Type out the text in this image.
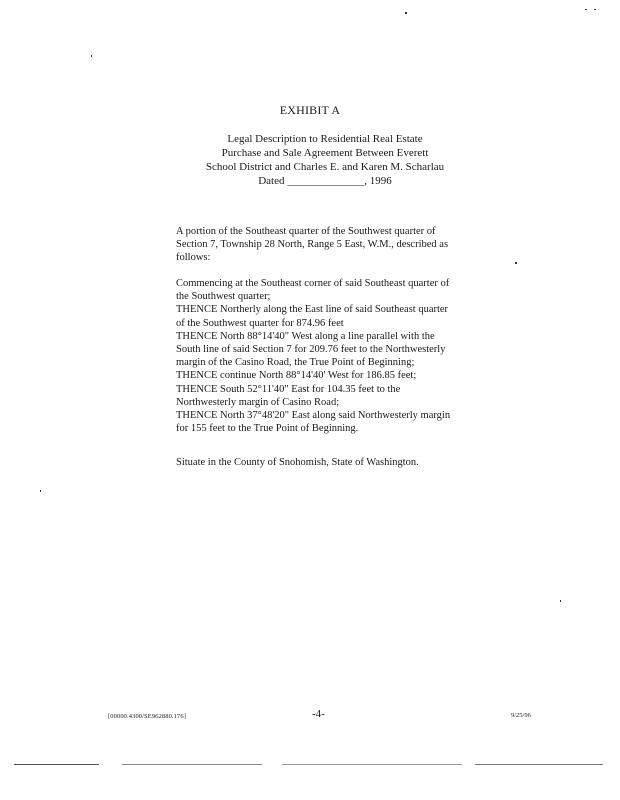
EXHIBIT A
Legal Description to Residential Real Estate
Purchase and Sale Agreement Between Everett
School District and Charles E. and Karen M. Scharlau
Dated ______________, 1996
A portion of the Southeast quarter of the Southwest quarter of
Section 7, Township 28 North, Range 5 East, W.M., described as
follows:
Commencing at the Southeast corner of said Southeast quarter of
the Southwest quarter;
THENCE Northerly along the East line of said Southeast quarter
of the Southwest quarter for 874.96 feet
THENCE North 88°14'40" West along a line parallel with the
South line of said Section 7 for 209.76 feet to the Northwesterly
margin of the Casino Road, the True Point of Beginning;
THENCE continue North 88°14'40' West for 186.85 feet;
THENCE South 52°11'40" East for 104.35 feet to the
Northwesterly margin of Casino Road;
THENCE North 37°48'20" East along said Northwesterly margin
for 155 feet to the True Point of Beginning.
Situate in the County of Snohomish, State of Washington.
[00000.4300/SE962880.176]	-4-	9/25/96
